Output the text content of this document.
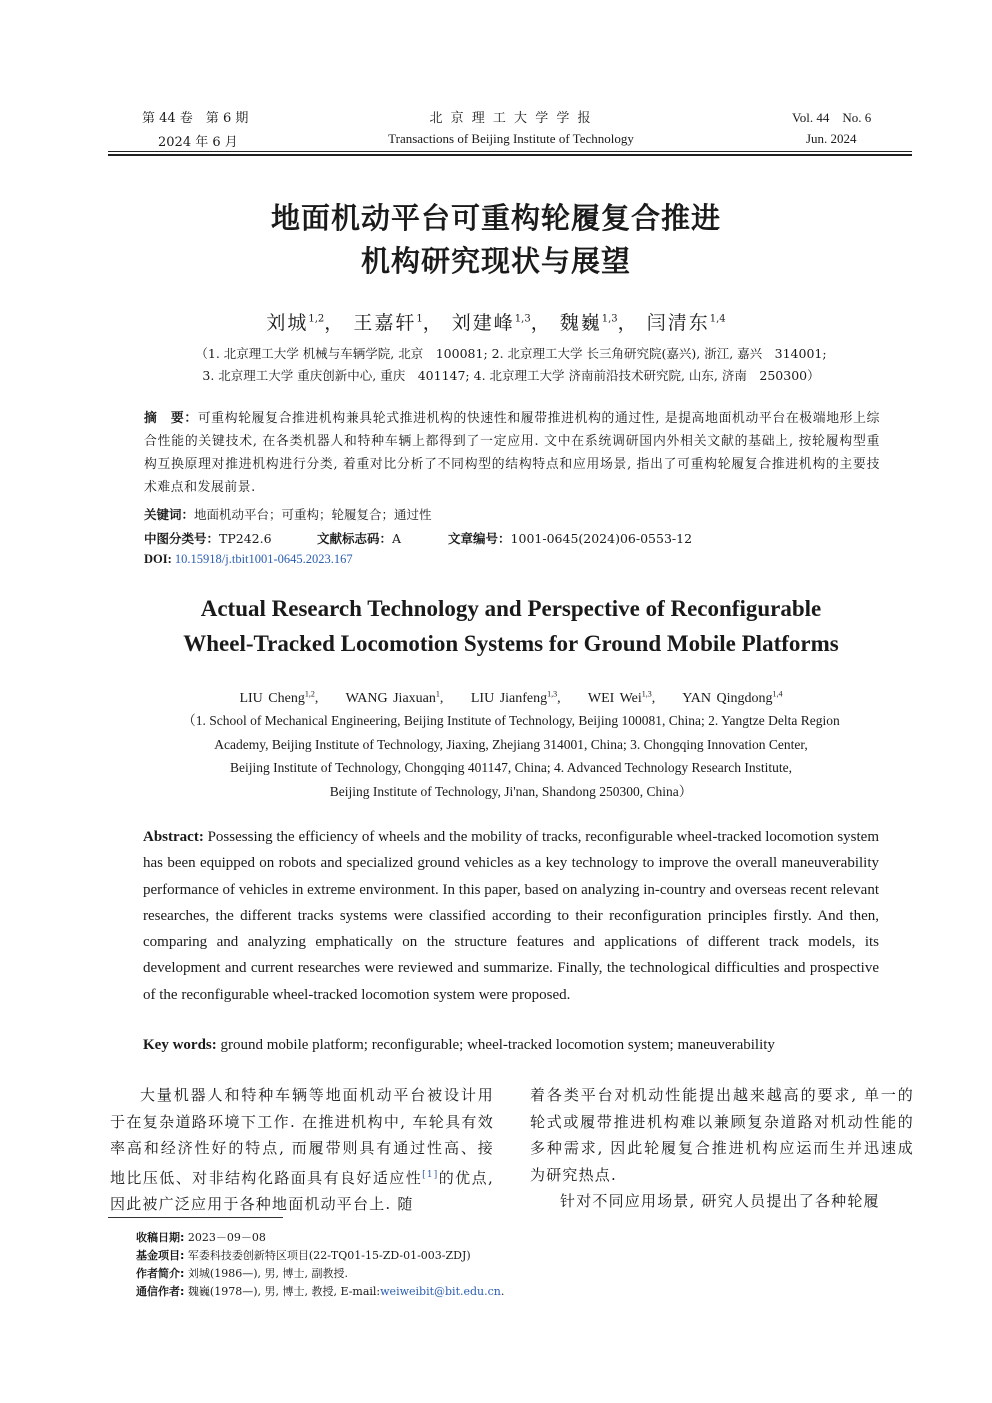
第 44 卷　第 6 期
2024 年 6 月
北 京 理 工 大 学 学 报
Transactions of Beijing Institute of Technology
Vol. 44　No. 6
Jun. 2024
地面机动平台可重构轮履复合推进
机构研究现状与展望
刘城$^{1,2}$， 王嘉轩$^1$， 刘建峰$^{1,3}$， 魏巍$^{1,3}$， 闫清东$^{1,4}$
（1. 北京理工大学 机械与车辆学院, 北京　100081; 2. 北京理工大学 长三角研究院(嘉兴), 浙江, 嘉兴　314001;
3. 北京理工大学 重庆创新中心, 重庆　401147; 4. 北京理工大学 济南前沿技术研究院, 山东, 济南　250300）
摘　要：可重构轮履复合推进机构兼具轮式推进机构的快速性和履带推进机构的通过性, 是提高地面机动平台在极端地形上综合性能的关键技术, 在各类机器人和特种车辆上都得到了一定应用. 文中在系统调研国内外相关文献的基础上, 按轮履构型重构互换原理对推进机构进行分类, 着重对比分析了不同构型的结构特点和应用场景, 指出了可重构轮履复合推进机构的主要技术难点和发展前景.
关键词：地面机动平台；可重构；轮履复合；通过性
中图分类号：TP242.6	文献标志码：A	文章编号：1001-0645(2024)06-0553-12
DOI: 10.15918/j.tbit1001-0645.2023.167
Actual Research Technology and Perspective of Reconfigurable
Wheel-Tracked Locomotion Systems for Ground Mobile Platforms
LIU Cheng$^{1,2}$, WANG Jiaxuan$^1$, LIU Jianfeng$^{1,3}$, WEI Wei$^{1,3}$, YAN Qingdong$^{1,4}$
（1. School of Mechanical Engineering, Beijing Institute of Technology, Beijing 100081, China; 2. Yangtze Delta Region
Academy, Beijing Institute of Technology, Jiaxing, Zhejiang 314001, China; 3. Chongqing Innovation Center,
Beijing Institute of Technology, Chongqing 401147, China; 4. Advanced Technology Research Institute,
Beijing Institute of Technology, Ji'nan, Shandong 250300, China）
Abstract: Possessing the efficiency of wheels and the mobility of tracks, reconfigurable wheel-tracked locomotion system has been equipped on robots and specialized ground vehicles as a key technology to improve the overall maneuverability performance of vehicles in extreme environment. In this paper, based on analyzing in-country and overseas recent relevant researches, the different tracks systems were classified according to their reconfiguration principles firstly. And then, comparing and analyzing emphatically on the structure features and applications of different track models, its development and current researches were reviewed and summarize. Finally, the technological difficulties and prospective of the reconfigurable wheel-tracked locomotion system were proposed.
Key words: ground mobile platform; reconfigurable; wheel-tracked locomotion system; maneuverability
大量机器人和特种车辆等地面机动平台被设计用于在复杂道路环境下工作. 在推进机构中, 车轮具有效率高和经济性好的特点, 而履带则具有通过性高、接地比压低、对非结构化路面具有良好适应性[1]的优点, 因此被广泛应用于各种地面机动平台上. 随
着各类平台对机动性能提出越来越高的要求, 单一的轮式或履带推进机构难以兼顾复杂道路对机动性能的多种需求, 因此轮履复合推进机构应运而生并迅速成为研究热点.
针对不同应用场景, 研究人员提出了各种轮履
收稿日期: 2023－09－08
基金项目: 军委科技委创新特区项目(22-TQ01-15-ZD-01-003-ZDJ)
作者简介: 刘城(1986—), 男, 博士, 副教授.
通信作者: 魏巍(1978—), 男, 博士, 教授, E-mail:weiweibit@bit.edu.cn.
